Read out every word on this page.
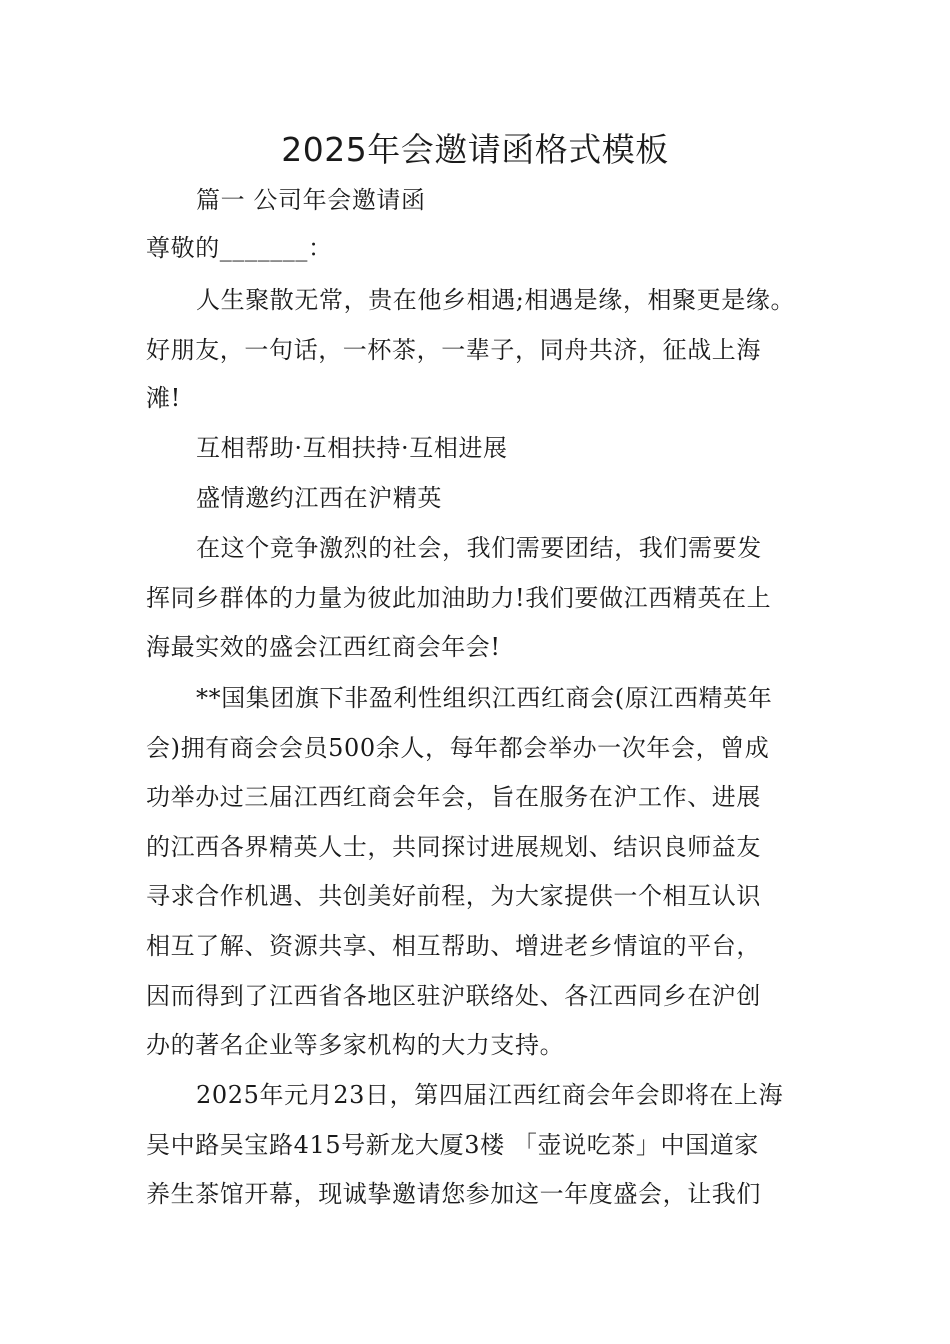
2025年会邀请函格式模板
篇一 公司年会邀请函
尊敬的_______：
人生聚散无常，贵在他乡相遇;相遇是缘，相聚更是缘。
好朋友，一句话，一杯茶，一辈子，同舟共济，征战上海
滩!
互相帮助·互相扶持·互相进展
盛情邀约江西在沪精英
在这个竞争激烈的社会，我们需要团结，我们需要发
挥同乡群体的力量为彼此加油助力!我们要做江西精英在上
海最实效的盛会江西红商会年会!
**国集团旗下非盈利性组织江西红商会(原江西精英年
会)拥有商会会员500余人，每年都会举办一次年会，曾成
功举办过三届江西红商会年会，旨在服务在沪工作、进展
的江西各界精英人士，共同探讨进展规划、结识良师益友
寻求合作机遇、共创美好前程，为大家提供一个相互认识
相互了解、资源共享、相互帮助、增进老乡情谊的平台，
因而得到了江西省各地区驻沪联络处、各江西同乡在沪创
办的著名企业等多家机构的大力支持。
2025年元月23日，第四届江西红商会年会即将在上海
吴中路吴宝路415号新龙大厦3楼 「壶说吃茶」中国道家
养生茶馆开幕，现诚挚邀请您参加这一年度盛会，让我们
